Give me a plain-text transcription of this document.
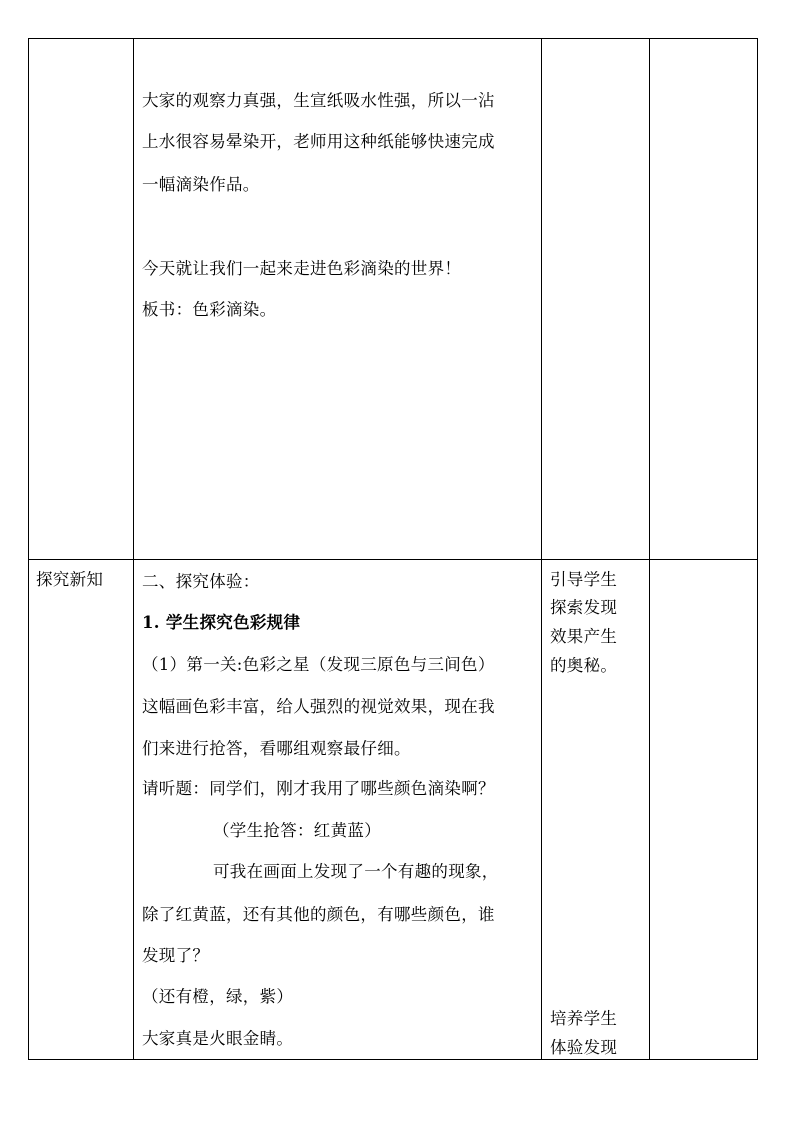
大家的观察力真强，生宣纸吸水性强，所以一沾
上水很容易晕染开，老师用这种纸能够快速完成
一幅滴染作品。
今天就让我们一起来走进色彩滴染的世界！
板书：色彩滴染。
探究新知 二、探究体验：
1. 学生探究色彩规律
（1）第一关:色彩之星（发现三原色与三间色）
这幅画色彩丰富，给人强烈的视觉效果，现在我
们来进行抢答，看哪组观察最仔细。
请听题：同学们，刚才我用了哪些颜色滴染啊？
（学生抢答：红黄蓝）
可我在画面上发现了一个有趣的现象，
除了红黄蓝，还有其他的颜色，有哪些颜色，谁
发现了？
（还有橙，绿，紫）
大家真是火眼金睛。
引导学生
探索发现
效果产生
的奥秘。
培养学生
体验发现
